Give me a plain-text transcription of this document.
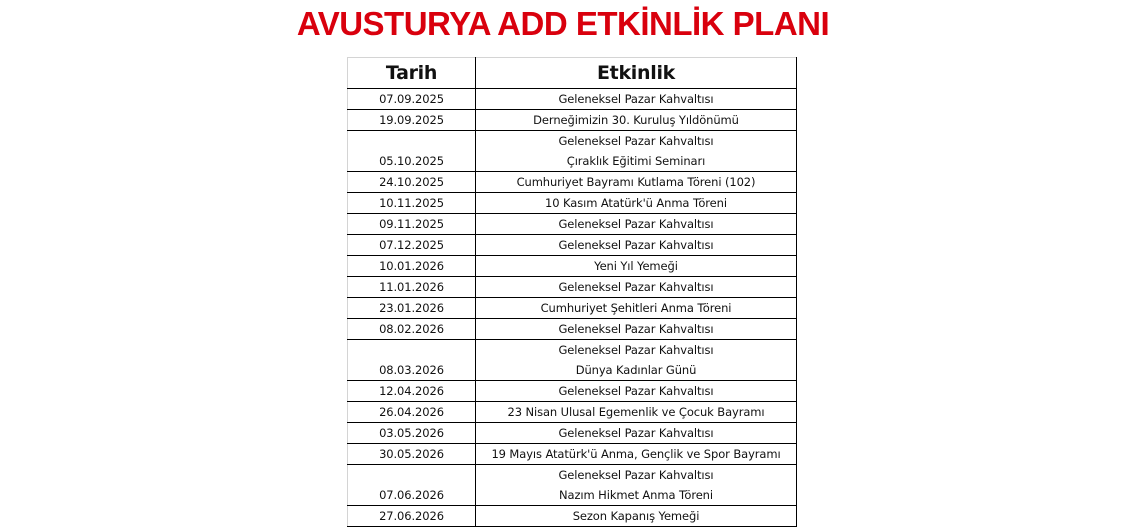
AVUSTURYA ADD ETKİNLİK PLANI
Tarih	Etkinlik
07.09.2025	Geleneksel Pazar Kahvaltısı

19.09.2025	Derneğimizin 30. Kuruluş Yıldönümü

05.10.2025	Geleneksel Pazar Kahvaltısı
Çıraklık Eğitimi Seminarı

24.10.2025	Cumhuriyet Bayramı Kutlama Töreni (102)

10.11.2025	10 Kasım Atatürk'ü Anma Töreni

09.11.2025	Geleneksel Pazar Kahvaltısı

07.12.2025	Geleneksel Pazar Kahvaltısı

10.01.2026	Yeni Yıl Yemeği

11.01.2026	Geleneksel Pazar Kahvaltısı

23.01.2026	Cumhuriyet Şehitleri Anma Töreni

08.02.2026	Geleneksel Pazar Kahvaltısı

08.03.2026	Geleneksel Pazar Kahvaltısı
Dünya Kadınlar Günü

12.04.2026	Geleneksel Pazar Kahvaltısı

26.04.2026	23 Nisan Ulusal Egemenlik ve Çocuk Bayramı

03.05.2026	Geleneksel Pazar Kahvaltısı

30.05.2026	19 Mayıs Atatürk'ü Anma, Gençlik ve Spor Bayramı

07.06.2026	Geleneksel Pazar Kahvaltısı
Nazım Hikmet Anma Töreni

27.06.2026	Sezon Kapanış Yemeği
